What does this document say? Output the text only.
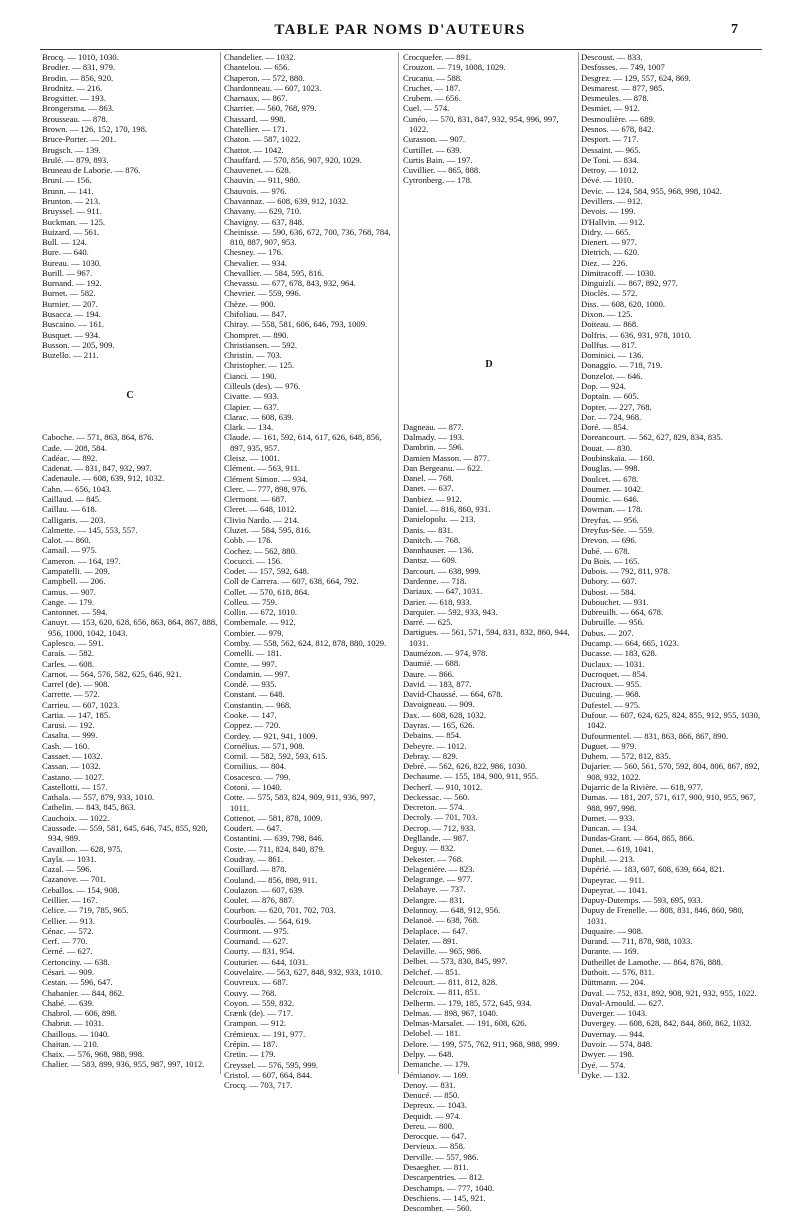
TABLE PAR NOMS D'AUTEURS	7
Brocq. — 1010, 1030.
Brodier. — 831, 979.
Brodin. — 856, 920.
Brodnitz. — 216.
Brogsitter. — 193.
Brongersma. — 863.
Brousseau. — 878.
Brown. — 126, 152, 170, 198.
Bruce-Porter. — 201.
Brugsch. — 139.
Brulé. — 879, 893.
Bruneau de Laborie. — 876.
Bruni. — 156.
Brunn. — 141.
Brunton. — 213.
Bruyssel. — 911.
Buckman. — 125.
Buizard. — 561.
Bull. — 124.
Bure. — 640.
Bureau. — 1030.
Burill. — 967.
Burnand. — 192.
Burnet. — 582.
Burnier. — 207.
Busacca. — 194.
Buscaino. — 161.
Busquet. — 934.
Busson. — 205, 909.
Buzello. — 211.
C
Caboche. — 571, 863, 864, 876.
Cade. — 208, 584.
Cadéac. — 892.
Cadenat. — 831, 847, 932, 997.
Cadenaule. — 608, 639, 912, 1032.
Cahn. — 656, 1043.
Caillaud. — 845.
Caillau. — 618.
Calligaris. — 203.
Calmette. — 145, 553, 557.
Calot. — 860.
Camail. — 975.
Cameron. — 164, 197.
Campatelli. — 209.
Campbell. — 206.
Camus. — 907.
Cange. — 179.
Cantonnet. — 594.
Canuyt. — 153, 620, 628, 656, 863, 864, 867, 888, 956, 1000, 1042, 1043.
Caplesco. — 591.
Carais. — 582.
Carles. — 608.
Carnot. — 564, 576, 582, 625, 646, 921.
Carrel (de). — 908.
Carrette. — 572.
Carrieu. — 607, 1023.
Cartia. — 147, 185.
Carusi. — 192.
Casalta. — 999.
Cash. — 160.
Cassaet. — 1032.
Cassan. — 1032.
Castano. — 1027.
Castellotti. — 157.
Cathala. — 557, 879, 933, 1010.
Cathelin. — 843, 845, 863.
Cauchoix. — 1022.
Caussade. — 559, 581, 645, 646, 745, 855, 920, 934, 989.
Cavaillon. — 628, 975.
Cayla. — 1031.
Cazal. — 596.
Cazanove. — 701.
Ceballos. — 154, 908.
Ceillier. — 167.
Celice. — 719, 785, 965.
Cellier. — 913.
Cénac. — 572.
Cerf. — 770.
Cerné. — 627.
Certonciny. — 638.
Césari. — 909.
Cestan. — 596, 647.
Chabanier. — 844, 862.
Chabé. — 639.
Chabrol. — 606, 898.
Chabrut. — 1031.
Chaillous. — 1040.
Chaitan. — 210.
Chaix. — 576, 968, 988, 998.
Chalier. — 583, 899, 936, 955, 987, 997, 1012.
Chandelier. — 1032.
Chantelou. — 656.
Chaperon. — 572, 880.
Chardonneau. — 607, 1023.
Charnaux. — 867.
Charrier. — 560, 768, 979.
Chassard. — 998.
Chatellier. — 171.
Chaton. — 587, 1022.
Chattot. — 1042.
Chauffard. — 570, 856, 907, 920, 1029.
Chauvenet. — 628.
Chauvin. — 911, 980.
Chauvois. — 976.
Chavannaz. — 608, 639, 912, 1032.
Chavany. — 629, 710.
Chavigny. — 637, 848.
Cheinisse. — 590, 636, 672, 700, 736, 768, 784, 810, 887, 907, 953.
Chesney. — 176.
Chevalier. — 934.
Chevallier. — 584, 595, 816.
Chevassu. — 677, 678, 843, 932, 964.
Chevrier. — 559, 996.
Chèze. — 900.
Chifoliau. — 847.
Chiray. — 558, 581, 606, 646, 793, 1009.
Chompret. — 890.
Christiansen. — 592.
Christin. — 703.
Christopher. — 125.
Cianci. — 190.
Cilleuls (des). — 976.
Civatte. — 933.
Clapier. — 637.
Clarac. — 608, 639.
Clark. — 134.
Claude. — 161, 592, 614, 617, 626, 648, 856, 897, 935, 957.
Cleisz. — 1001.
Clément. — 563, 911.
Clément Simon. — 934.
Clerc. — 777, 898, 976.
Clermont. — 687.
Cleret. — 648, 1012.
Clivio Nardo. — 214.
Cluzet. — 584, 595, 816.
Cobb. — 176.
Cochez. — 562, 880.
Cocucci. — 156.
Codet. — 157, 592, 648.
Coll de Carrera. — 607, 638, 664, 792.
Collet. — 570, 618, 864.
Colleu. — 759.
Collin. — 672, 1010.
Combemale. — 912.
Combier. — 979.
Comby. — 558, 562, 624, 812, 878, 880, 1029.
Comelli. — 181.
Comte. — 997.
Condamin. — 997.
Condé. — 935.
Constant. — 648.
Constantin. — 968.
Cooke. — 147.
Coppez. — 720.
Cordey. — 921, 941, 1009.
Cornélius. — 571, 908.
Cornil. — 582, 592, 593, 615.
Cornilius. — 804.
Cosacesco. — 799.
Cotoni. — 1040.
Cotte. — 575, 583, 824, 909, 911, 936, 997, 1011.
Cottenot. — 581, 878, 1009.
Coudert. — 647.
Costantini. — 639, 798, 846.
Coste. — 711, 824, 840, 879.
Coudray. — 861.
Couillard. — 878.
Couland. — 856, 898, 911.
Coulazon. — 607, 639.
Coulet. — 876, 887.
Courbon. — 620, 701, 702, 703.
Courboulès. — 564, 619.
Courmont. — 975.
Cournand. — 627.
Courty. — 831, 954.
Couturier. — 644, 1031.
Couvelaire. — 563, 627, 848, 932, 933, 1010.
Couvreux. — 687.
Couvy. — 768.
Coyon. — 559, 832.
Crænk (de). — 717.
Crampon. — 912.
Crémieux. — 191, 977.
Crépin. — 187.
Cretin. — 179.
Creyssel. — 576, 595, 999.
Cristol. — 607, 664, 844.
Crocq. — 703, 717.
Crocquefer. — 891.
Crouzon. — 719, 1008, 1029.
Crucanu. — 588.
Cruchet. — 187.
Crubem. — 656.
Cuel. — 574.
Cunéo. — 570, 831, 847, 932, 954, 996, 997, 1022.
Curasson. — 907.
Curtillet. — 639.
Curtis Bain. — 197.
Cuvillier. — 865, 888.
Cytronberg. — 178.
D
Dagneau. — 877.
Dalmady. — 193.
Dambrin. — 596.
Damien Masson. — 877.
Dan Bergeanu. — 622.
Danel. — 768.
Danet. — 637.
Danbiez. — 912.
Daniel. — 816, 860, 931.
Danielopolu. — 213.
Danis. — 831.
Danitch. — 768.
Dannhauser. — 136.
Dantsz. — 609.
Darcourt. — 638, 999.
Dardenne. — 718.
Dariaux. — 647, 1031.
Darier. — 618, 933.
Darquier. — 592, 933, 943.
Darré. — 625.
Dartigues. — 561, 571, 594, 831, 832, 860, 944, 1031.
Daumézon. — 974, 978.
Daumié. — 688.
Daure. — 866.
David. — 183, 877.
David-Chaussé. — 664, 678.
Davoigneau. — 909.
Dax. — 608, 628, 1032.
Dayras. — 165, 626.
Debains. — 854.
Debeyre. — 1012.
Debray. — 829.
Debré. — 562, 626, 822, 986, 1030.
Dechaume. — 155, 184, 900, 911, 955.
Decherf. — 910, 1012.
Deckessac. — 560.
Decreton. — 574.
Decroly. — 701, 703.
Decrop. — 712, 933.
Degllande. — 987.
Deguy. — 832.
Dekester. — 768.
Delagenière. — 823.
Delagrange. — 977.
Delahaye. — 737.
Delangre. — 831.
Delannoy. — 648, 912, 956.
Delanoë. — 638, 768.
Delaplace. — 647.
Delater. — 891.
Delaville. — 965, 986.
Delbet. — 573, 830, 845, 997.
Delchef. — 851.
Delcourt. — 811, 812, 828.
Delcroix. — 811, 851.
Delherm. — 179, 185, 572, 645, 934.
Delmas. — 898, 967, 1040.
Delmas-Marsalet. — 191, 608, 626.
Delobel. — 181.
Delore. — 199, 575, 762, 911, 968, 988, 999.
Delpy. — 648.
Demanche. — 179.
Démianov. — 169.
Denoy. — 831.
Denucé. — 850.
Depreux. — 1043.
Dequidt. — 974.
Dereu. — 800.
Derocque. — 647.
Dervieux. — 858.
Derville. — 557, 986.
Desaegher. — 811.
Descarpentries. — 812.
Deschamps. — 777, 1040.
Deschiens. — 145, 921.
Descomber. — 560.
Descoust. — 833.
Desfosses. — 749, 1007
Desgrez. — 129, 557, 624, 869.
Desmarest. — 877, 985.
Desmeules. — 878.
Desmiet. — 912.
Desmoulière. — 689.
Desnos. — 678, 842.
Desport. — 717.
Dessaint. — 965.
De Toni. — 834.
Detroy. — 1012.
Dévé. — 1010.
Devic. — 124, 584, 955, 968, 998, 1042.
Devillers. — 912.
Devois. — 199.
D'Hallvin. — 912.
Didry. — 665.
Dienert. — 977.
Dietrich. — 620.
Diez. — 226.
Dimitracoff. — 1030.
Dinguizli. — 867, 892, 977.
Dioclès. — 572.
Diss. — 608, 620, 1000.
Dixon. — 125.
Doiteau. — 868.
Dolfris. — 636, 931, 978, 1010.
Dollfus. — 817.
Dominici. — 136.
Donaggio. — 718, 719.
Donzelot. — 646.
Dop. — 924.
Doptain. — 605.
Dopter. — 227, 768.
Dor. — 724, 968.
Doré. — 854.
Doreancourt. — 562, 627, 829, 834, 835.
Douat. — 830.
Doubinskaïa. — 160.
Douglas. — 998.
Doulcet. — 678.
Doumer. — 1042.
Doumic. — 646.
Dowman. — 178.
Dreyfus. — 956.
Dreyfus-Sée. — 559.
Drevon. — 696.
Dubé. — 678.
Du Bois. — 165.
Dubois. — 792, 811, 978.
Dubory. — 607.
Dubost. — 584.
Dubouchet. — 931.
Dubreuilh. — 664, 678.
Dubruille. — 956.
Dubus. — 207.
Ducamp. — 664, 665, 1023.
Ducasse. — 183, 628.
Duclaux. — 1031.
Ducroquet. — 854.
Ducroux. — 955.
Ducuing. — 968.
Dufestel. — 975.
Dufour. — 607, 624, 625, 824, 855, 912, 955, 1030, 1042.
Dufourmentel. — 831, 863, 866, 867, 890.
Duguet. — 979.
Duhem. — 572, 812, 835.
Dujarier. — 560, 561, 570, 592, 804, 806, 867, 892, 908, 932, 1022.
Dujarric de la Rivière. — 618, 977.
Dumas. — 181, 207, 571, 617, 900, 910, 955, 967, 988, 997, 998.
Dumet. — 933.
Duncan. — 134.
Dundas-Grant. — 864, 865, 866.
Dunet. — 619, 1041.
Duphil. — 213.
Dupérié. — 183, 607, 608, 639, 664, 821.
Dupeyrac. — 911.
Dupeyrat. — 1041.
Dupuy-Dutemps. — 593, 695, 933.
Dupuy de Frenelle. — 808, 831, 846, 860, 980, 1031.
Duquaire. — 908.
Durand. — 711, 878, 988, 1033.
Durante. — 169.
Dutheillet de Lamothe. — 864, 876, 888.
Duthoit. — 576, 811.
Düttmann. — 204.
Duval. — 752, 831, 892, 908, 921, 932, 955, 1022.
Duval-Arnould. — 627.
Duverger. — 1043.
Duvergey. — 608, 628, 842, 844, 860, 862, 1032.
Duvernay. — 944.
Duvoir. — 574, 848.
Dwyer. — 198.
Dyé. — 574.
Dyke. — 132.
